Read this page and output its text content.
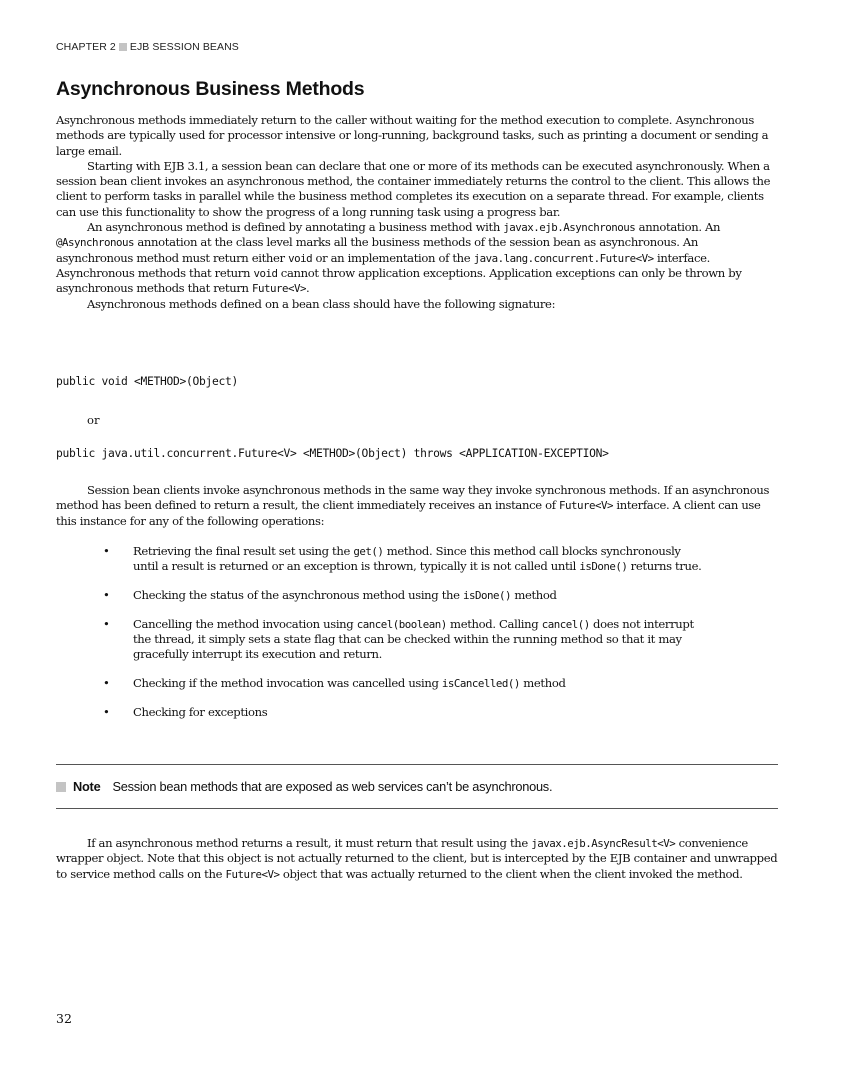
CHAPTER 2 EJB SESSION BEANS
Asynchronous Business Methods

Asynchronous methods immediately return to the caller without waiting for the method execution to complete. Asynchronous methods are typically used for processor intensive or long-running, background tasks, such as printing a document or sending a large email.

Starting with EJB 3.1, a session bean can declare that one or more of its methods can be executed asynchronously. When a session bean client invokes an asynchronous method, the container immediately returns the control to the client. This allows the client to perform tasks in parallel while the business method completes its execution on a separate thread. For example, clients can use this functionality to show the progress of a long running task using a progress bar.

An asynchronous method is defined by annotating a business method with javax.ejb.Asynchronous annotation. An @Asynchronous annotation at the class level marks all the business methods of the session bean as asynchronous. An asynchronous method must return either void or an implementation of the java.lang.concurrent.Future<V> interface. Asynchronous methods that return void cannot throw application exceptions. Application exceptions can only be thrown by asynchronous methods that return Future<V>.

Asynchronous methods defined on a bean class should have the following signature:

public void <METHOD>(Object)
or
public java.util.concurrent.Future<V> <METHOD>(Object) throws <APPLICATION-EXCEPTION>

Session bean clients invoke asynchronous methods in the same way they invoke synchronous methods. If an asynchronous method has been defined to return a result, the client immediately receives an instance of Future<V> interface. A client can use this instance for any of the following operations:

• Retrieving the final result set using the get() method. Since this method call blocks synchronously until a result is returned or an exception is thrown, typically it is not called until isDone() returns true.
• Checking the status of the asynchronous method using the isDone() method
• Cancelling the method invocation using cancel(boolean) method. Calling cancel() does not interrupt the thread, it simply sets a state flag that can be checked within the running method so that it may gracefully interrupt its execution and return.
• Checking if the method invocation was cancelled using isCancelled() method
• Checking for exceptions
Note Session bean methods that are exposed as web services can’t be asynchronous.

If an asynchronous method returns a result, it must return that result using the javax.ejb.AsyncResult<V> convenience wrapper object. Note that this object is not actually returned to the client, but is intercepted by the EJB container and unwrapped to service method calls on the Future<V> object that was actually returned to the client when the client invoked the method.

32
